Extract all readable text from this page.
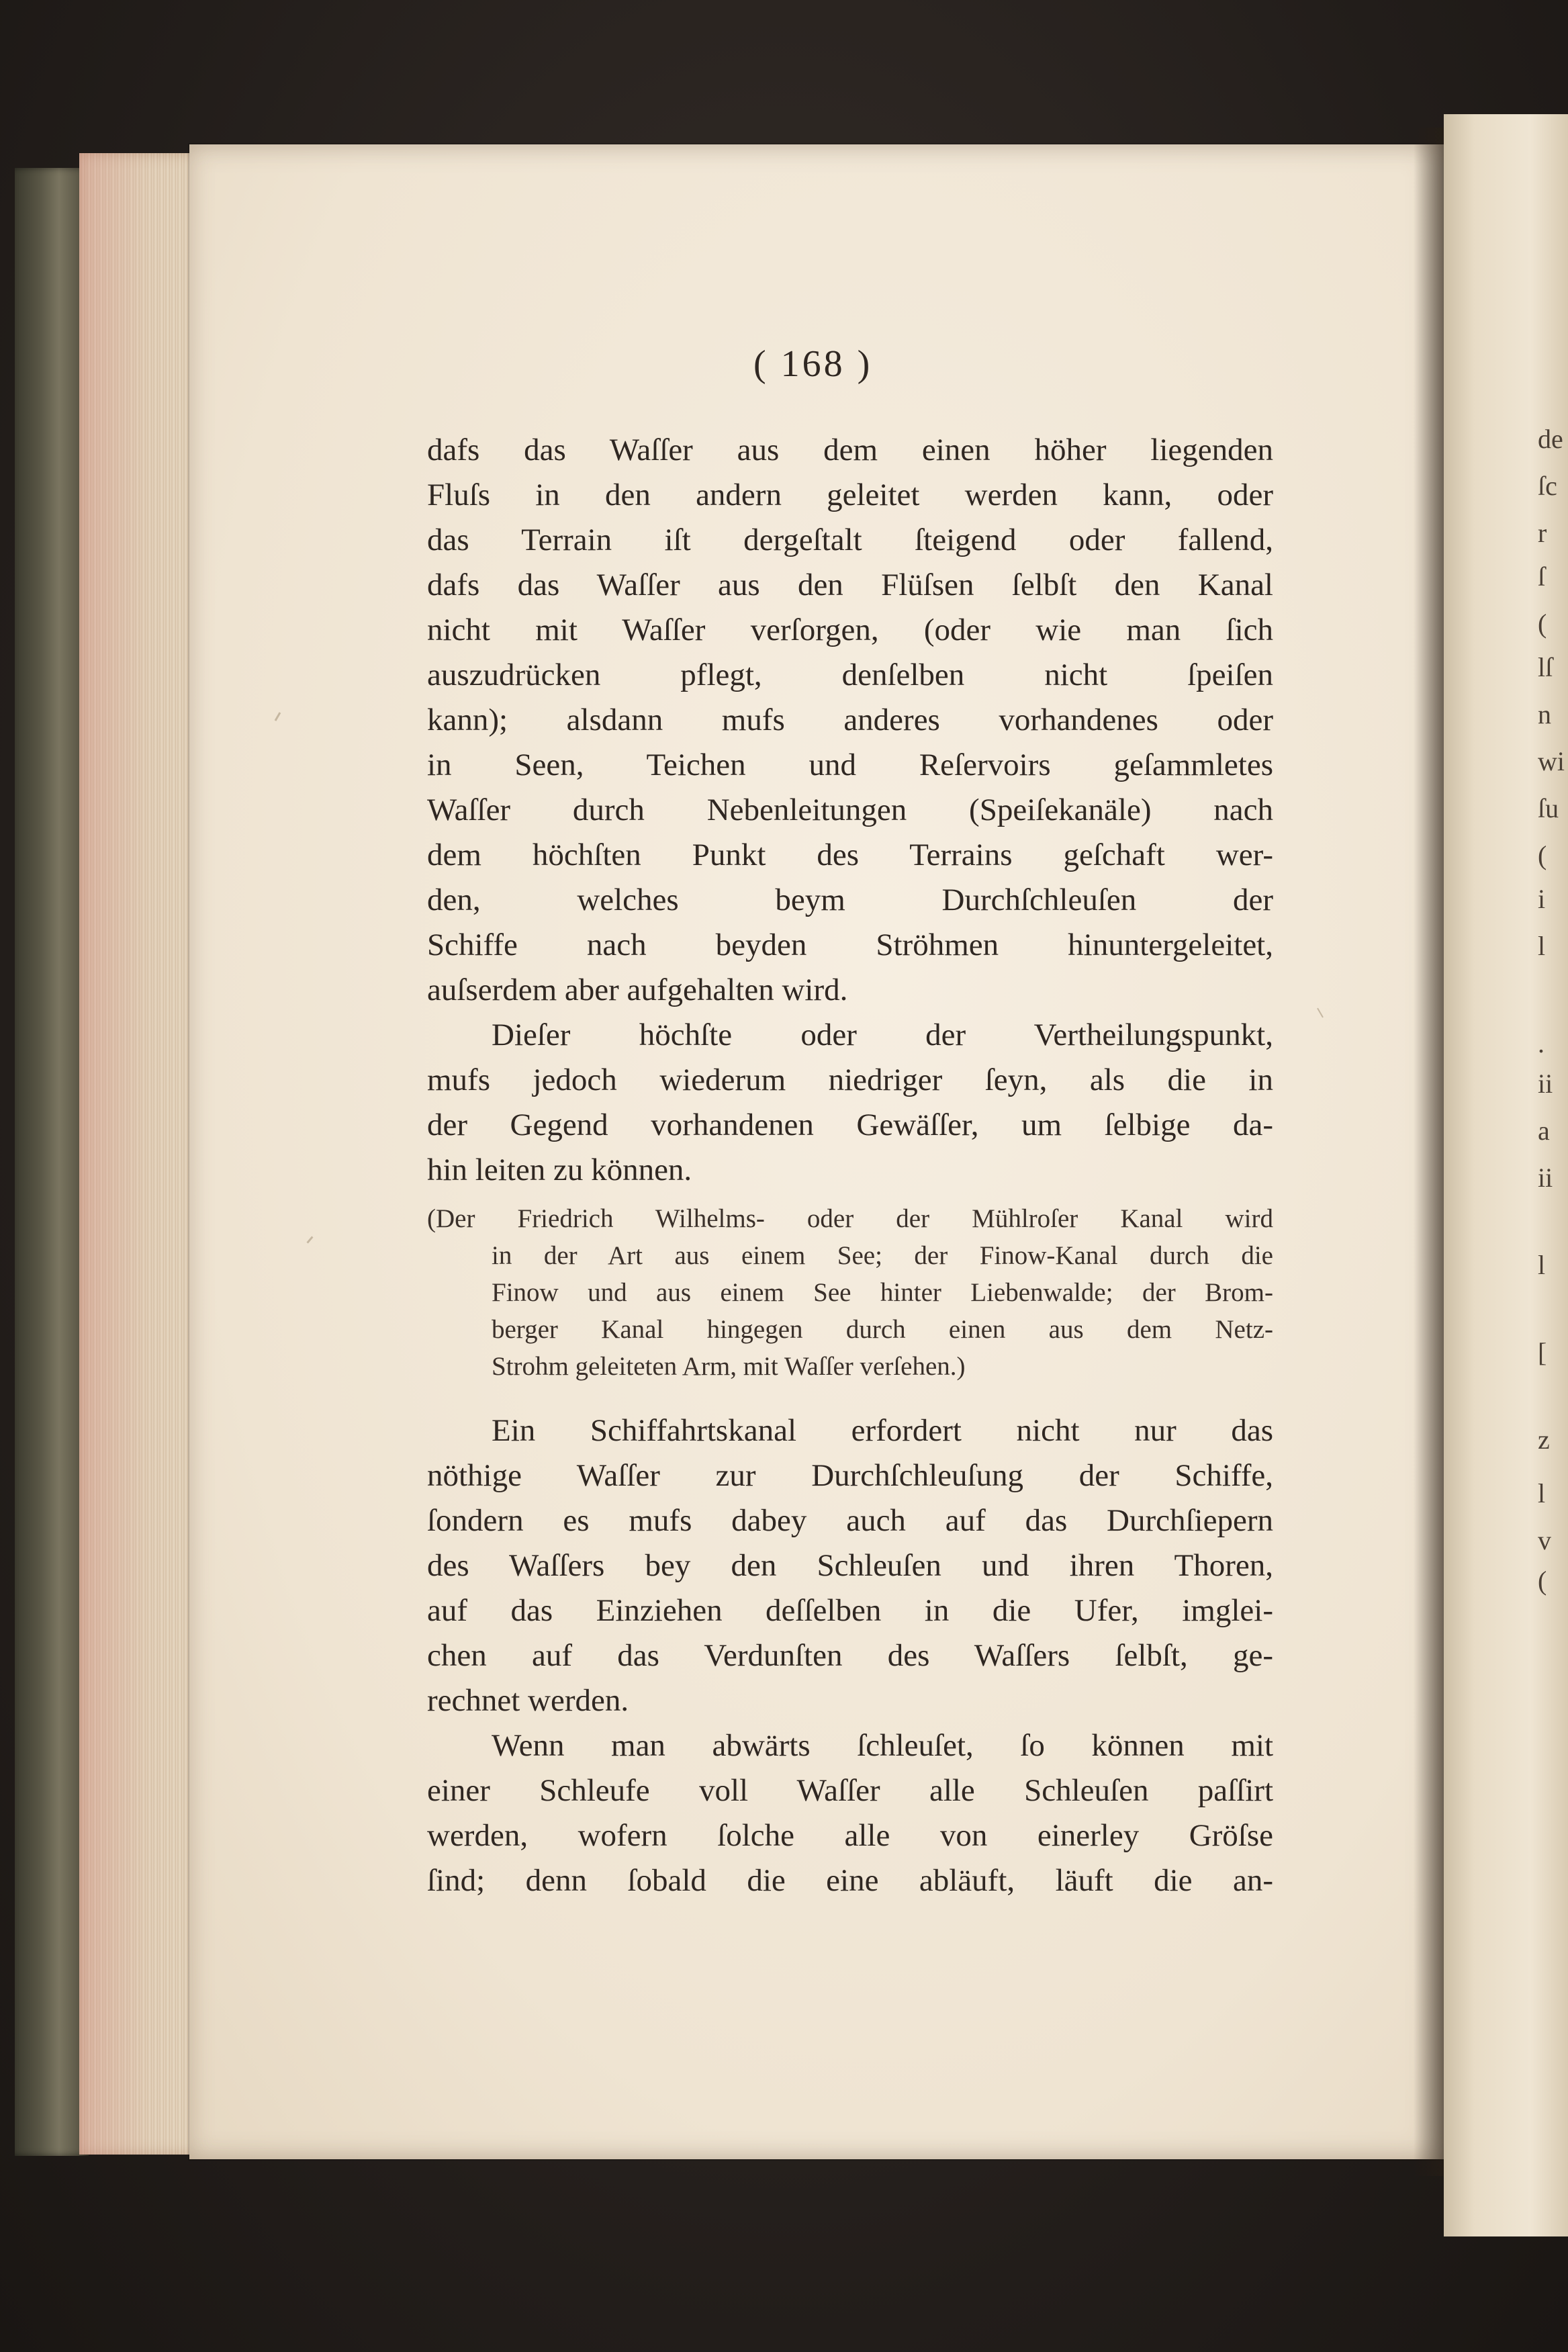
de
ſc
r
ſ
(
lſ
n
wi
ſu
(
i
l
.
ii
a
ii
l
[
z
l
v
(
( 168 )
dafs das Waſſer aus dem einen höher liegenden
Fluſs in den andern geleitet werden kann, oder
das Terrain iſt dergeſtalt ſteigend oder fallend,
dafs das Waſſer aus den Flüſsen ſelbſt den Kanal
nicht mit Waſſer verſorgen, (oder wie man ſich
auszudrücken pflegt, denſelben nicht ſpeiſen
kann); alsdann mufs anderes vorhandenes oder
in Seen, Teichen und Reſervoirs geſammletes
Waſſer durch Nebenleitungen (Speiſekanäle) nach
dem höchſten Punkt des Terrains geſchaft wer-
den, welches beym Durchſchleuſen der
Schiffe nach beyden Ströhmen hinuntergeleitet,
auſserdem aber aufgehalten wird.
Dieſer höchſte oder der Vertheilungspunkt,
mufs jedoch wiederum niedriger ſeyn, als die in
der Gegend vorhandenen Gewäſſer, um ſelbige da-
hin leiten zu können.
(Der Friedrich Wilhelms- oder der Mühlroſer Kanal wird
in der Art aus einem See; der Finow-Kanal durch die
Finow und aus einem See hinter Liebenwalde; der Brom-
berger Kanal hingegen durch einen aus dem Netz-
Strohm geleiteten Arm, mit Waſſer verſehen.)
Ein Schiffahrtskanal erfordert nicht nur das
nöthige Waſſer zur Durchſchleuſung der Schiffe,
ſondern es mufs dabey auch auf das Durchſiepern
des Waſſers bey den Schleuſen und ihren Thoren,
auf das Einziehen deſſelben in die Ufer, imglei-
chen auf das Verdunſten des Waſſers ſelbſt, ge-
rechnet werden.
Wenn man abwärts ſchleuſet, ſo können mit
einer Schleufe voll Waſſer alle Schleuſen paſſirt
werden, wofern ſolche alle von einerley Gröſse
ſind; denn ſobald die eine abläuft, läuft die an-
